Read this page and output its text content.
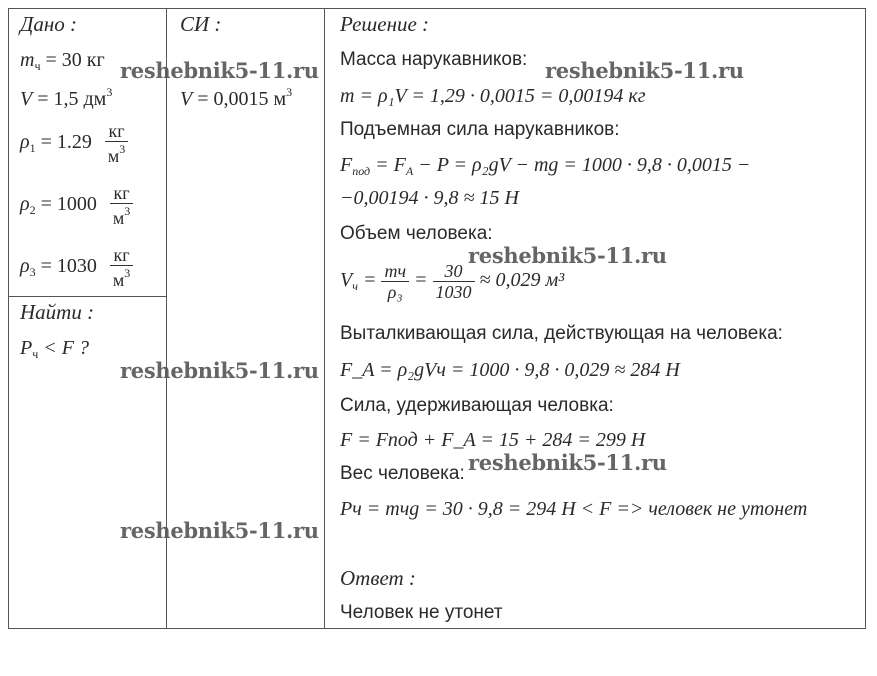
Дано :	СИ :	Решение :
$m_ч = 30$ кг
V = 1,5 $дм^3$
$\rho_1 = 1.29 \frac{кг}{м^3}$
$\rho_2 = 1000 \frac{кг}{м^3}$
$\rho_3 = 1030 \frac{кг}{м^3}$
Найти :
$P_ч < F$ ?
V = 0,0015 $м^3$
Масса нарукавников:
m = ρ₁V = 1,29 · 0,0015 = 0,00194 кг
Подъемная сила нарукавников:
$F_{под} = F_A - P = \rho_2gV$ − mg = 1000 · 9,8 · 0,0015 −
−0,00194 · 9,8 ≈ 15 Н
Объем человека:
$V_ч = \frac{mч}{\text{ρ₃}} = \frac{30}{1030} \approx 0,029$ м³
Выталкивающая сила, действующая на человека:
F_A = ρ₂gVч = 1000 · 9,8 · 0,029 ≈ 284 Н
Сила, удерживающая человка:
F = Fпод + F_A = 15 + 284 = 299 Н
Вес человека:
Pч = mчg = 30 · 9,8 = 294 Н < F => человек не утонет
Ответ :
Человек не утонет
reshebnik5-11.ru	reshebnik5-11.ru
reshebnik5-11.ru
reshebnik5-11.ru
reshebnik5-11.ru
reshebnik5-11.ru
